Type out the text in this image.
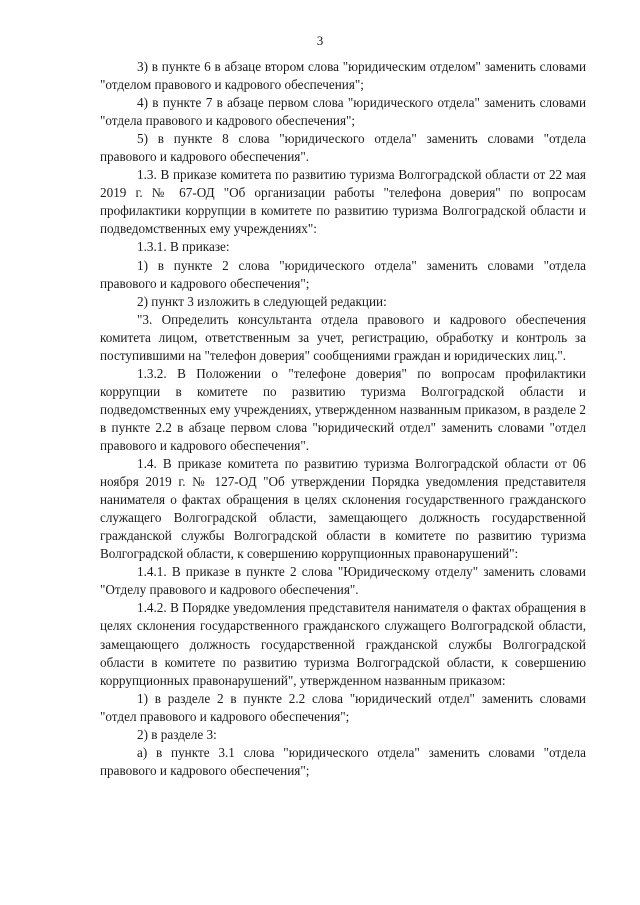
3

3) в пункте 6 в абзаце втором слова "юридическим отделом" заменить словами "отделом правового и кадрового обеспечения";

4) в пункте 7 в абзаце первом слова "юридического отдела" заменить словами "отдела правового и кадрового обеспечения";

5) в пункте 8 слова "юридического отдела" заменить словами "отдела правового и кадрового обеспечения".

1.3. В приказе комитета по развитию туризма Волгоградской области от 22 мая 2019 г. № 67-ОД "Об организации работы "телефона доверия" по вопросам профилактики коррупции в комитете по развитию туризма Волгоградской области и подведомственных ему учреждениях":

1.3.1. В приказе:

1) в пункте 2 слова "юридического отдела" заменить словами "отдела правового и кадрового обеспечения";

2) пункт 3 изложить в следующей редакции:

"3. Определить консультанта отдела правового и кадрового обеспечения комитета лицом, ответственным за учет, регистрацию, обработку и контроль за поступившими на "телефон доверия" сообщениями граждан и юридических лиц.".

1.3.2. В Положении о "телефоне доверия" по вопросам профилактики коррупции в комитете по развитию туризма Волгоградской области и подведомственных ему учреждениях, утвержденном названным приказом, в разделе 2 в пункте 2.2 в абзаце первом слова "юридический отдел" заменить словами "отдел правового и кадрового обеспечения".

1.4. В приказе комитета по развитию туризма Волгоградской области от 06 ноября 2019 г. № 127-ОД "Об утверждении Порядка уведомления представителя нанимателя о фактах обращения в целях склонения государственного гражданского служащего Волгоградской области, замещающего должность государственной гражданской службы Волгоградской области в комитете по развитию туризма Волгоградской области, к совершению коррупционных правонарушений":

1.4.1. В приказе в пункте 2 слова "Юридическому отделу" заменить словами "Отделу правового и кадрового обеспечения".

1.4.2. В Порядке уведомления представителя нанимателя о фактах обращения в целях склонения государственного гражданского служащего Волгоградской области, замещающего должность государственной гражданской службы Волгоградской области в комитете по развитию туризма Волгоградской области, к совершению коррупционных правонарушений", утвержденном названным приказом:

1) в разделе 2 в пункте 2.2 слова "юридический отдел" заменить словами "отдел правового и кадрового обеспечения";

2) в разделе 3:

а) в пункте 3.1 слова "юридического отдела" заменить словами "отдела правового и кадрового обеспечения";
